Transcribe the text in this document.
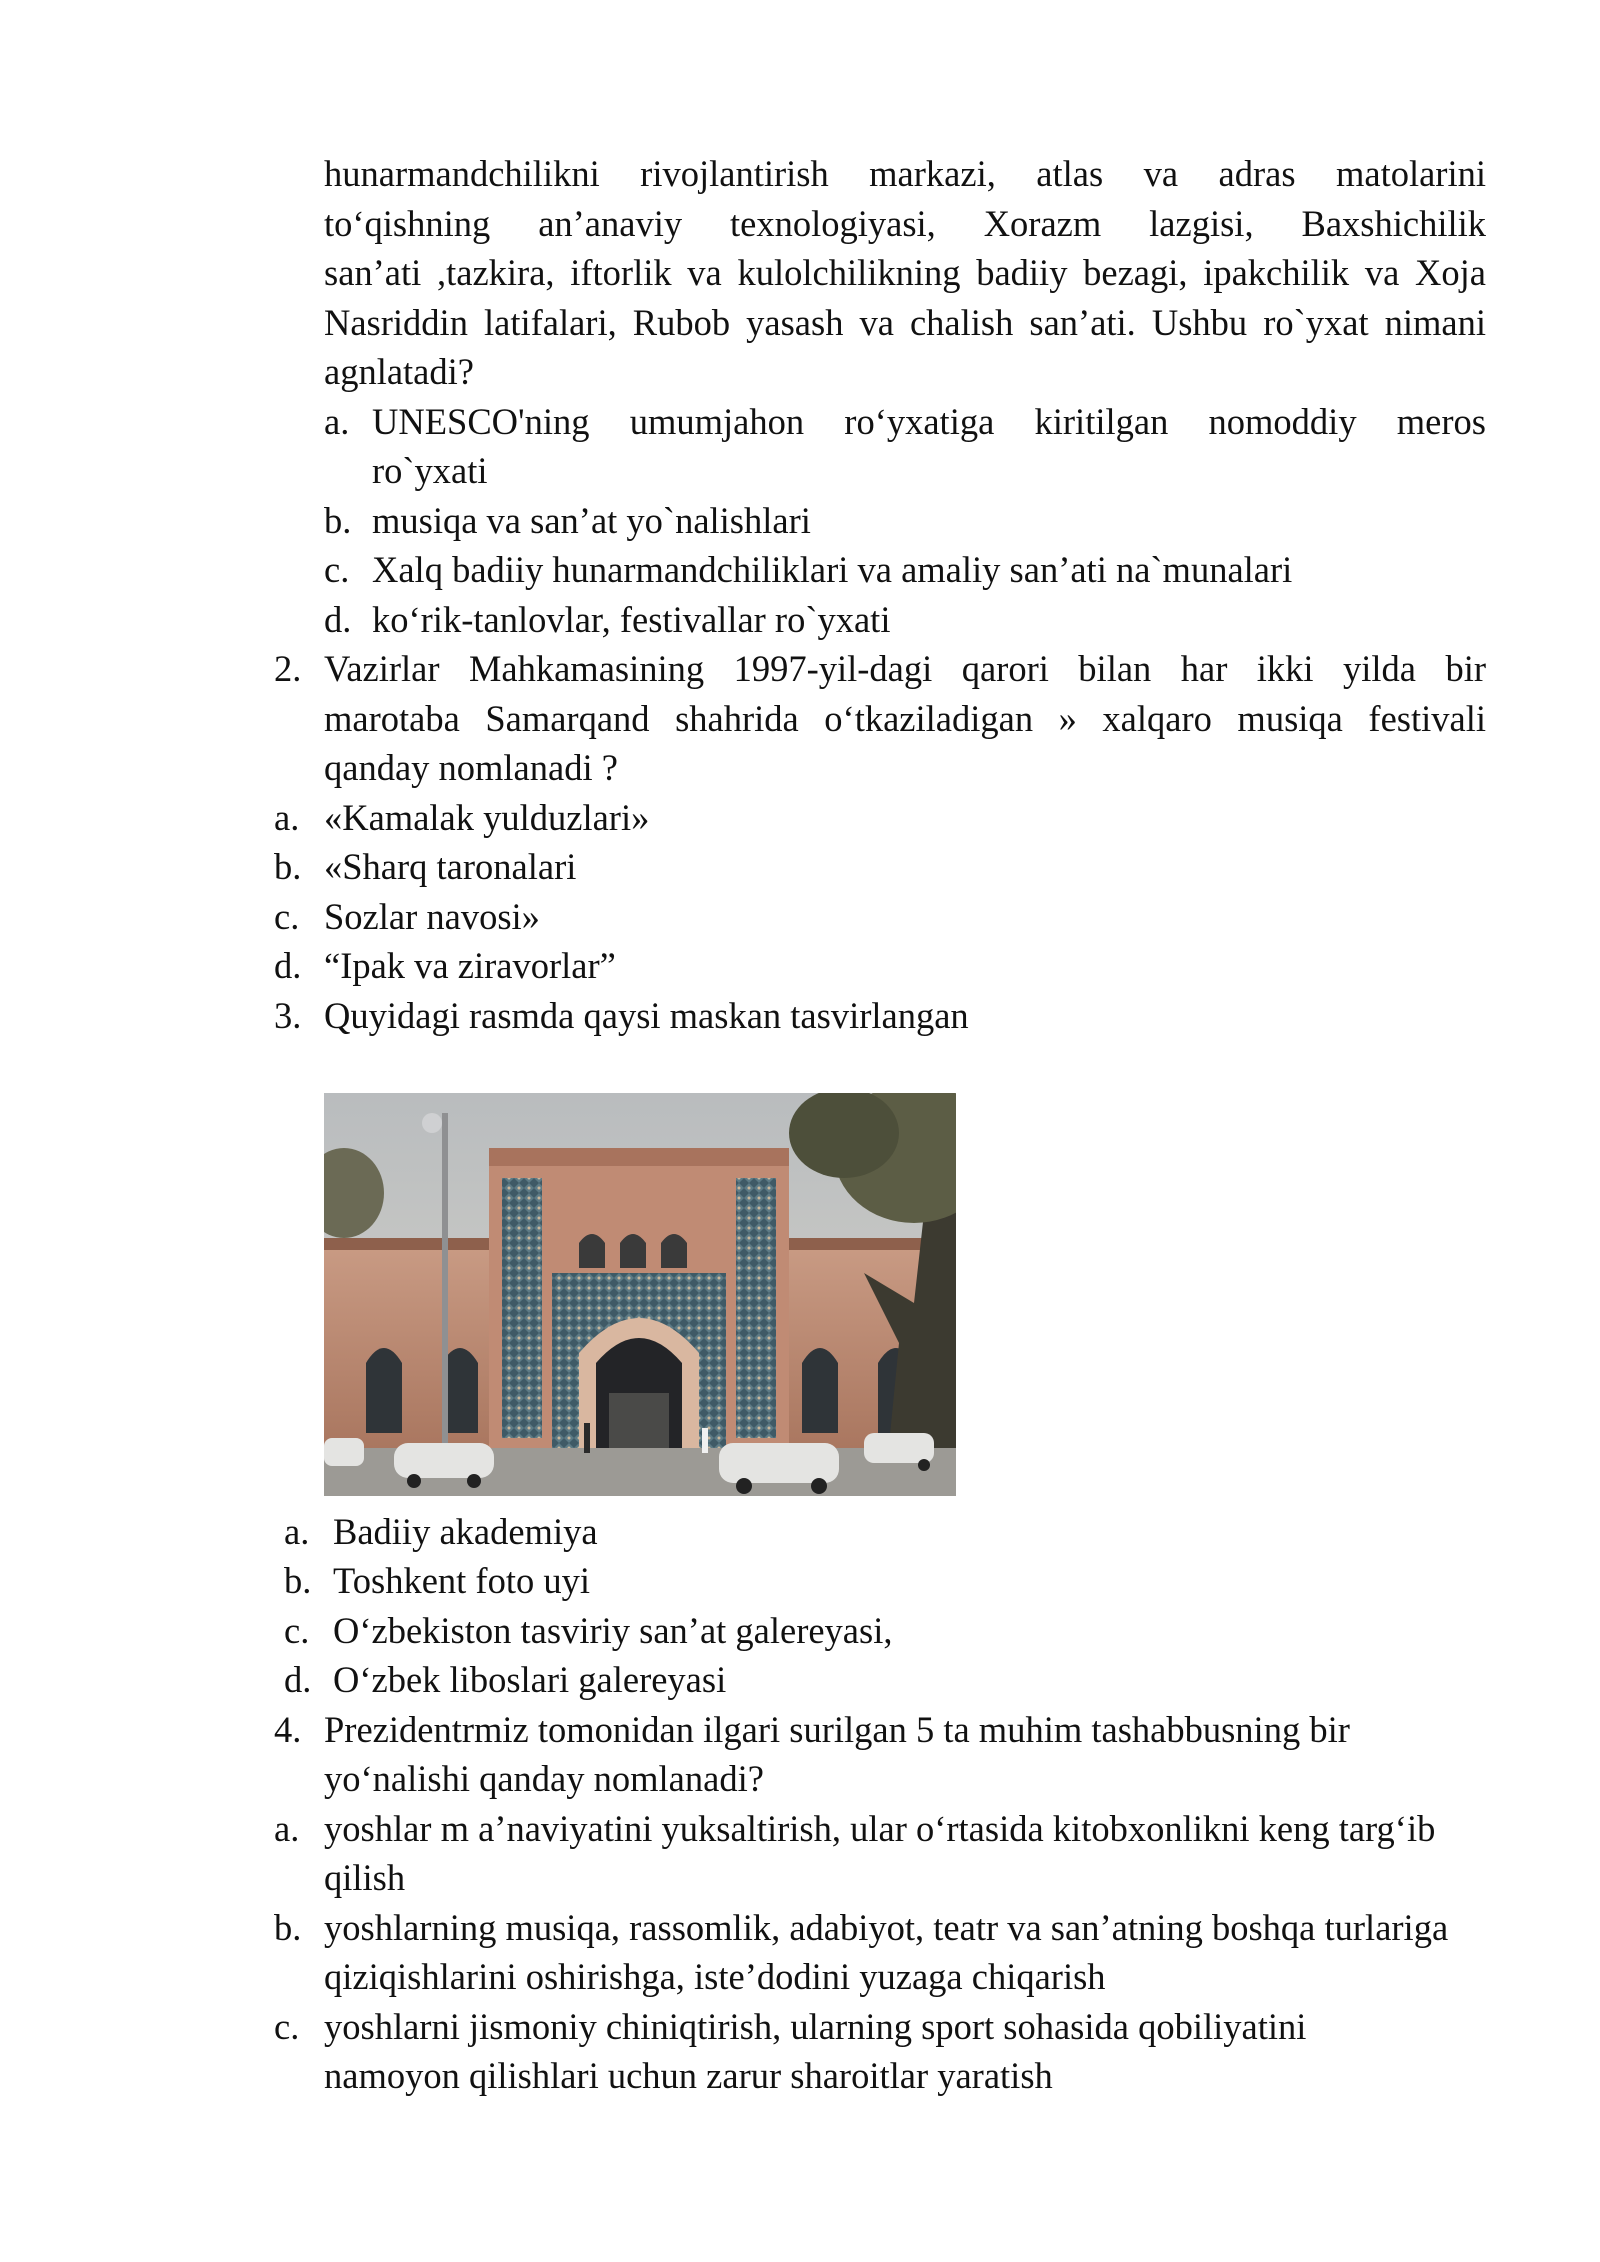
hunarmandchilikni rivojlantirish markazi, atlas va adras matolarini
to‘qishning an’anaviy texnologiyasi, Xorazm lazgisi, Baxshichilik
san’ati ,tazkira, iftorlik va kulolchilikning badiiy bezagi, ipakchilik va Xoja
Nasriddin latifalari, Rubob yasash va chalish san’ati. Ushbu ro`yxat nimani
agnlatadi?
a. UNESCO'ning umumjahon ro‘yxatiga kiritilgan nomoddiy meros
ro`yxati
b. musiqa va san’at yo`nalishlari
c. Xalq badiiy hunarmandchiliklari va amaliy san’ati na`munalari
d. ko‘rik-tanlovlar, festivallar ro`yxati
2. Vazirlar Mahkamasining 1997-yil-dagi qarori bilan har ikki yilda bir
marotaba Samarqand shahrida o‘tkaziladigan » xalqaro musiqa festivali
qanday nomlanadi ?
a. «Kamalak yulduzlari»
b. «Sharq taronalari
c. Sozlar navosi»
d. “Ipak va ziravorlar”
3. Quyidagi rasmda qaysi maskan tasvirlangan
a. Badiiy akademiya
b. Toshkent foto uyi
c. O‘zbekiston tasviriy san’at galereyasi,
d. O‘zbek liboslari galereyasi
4. Prezidentrmiz tomonidan ilgari surilgan 5 ta muhim tashabbusning bir
yo‘nalishi qanday nomlanadi?
a. yoshlar m a’naviyatini yuksaltirish, ular o‘rtasida kitobxonlikni keng targ‘ib
qilish
b. yoshlarning musiqa, rassomlik, adabiyot, teatr va san’atning boshqa turlariga
qiziqishlarini oshirishga, iste’dodini yuzaga chiqarish
c. yoshlarni jismoniy chiniqtirish, ularning sport sohasida qobiliyatini
namoyon qilishlari uchun zarur sharoitlar yaratish
